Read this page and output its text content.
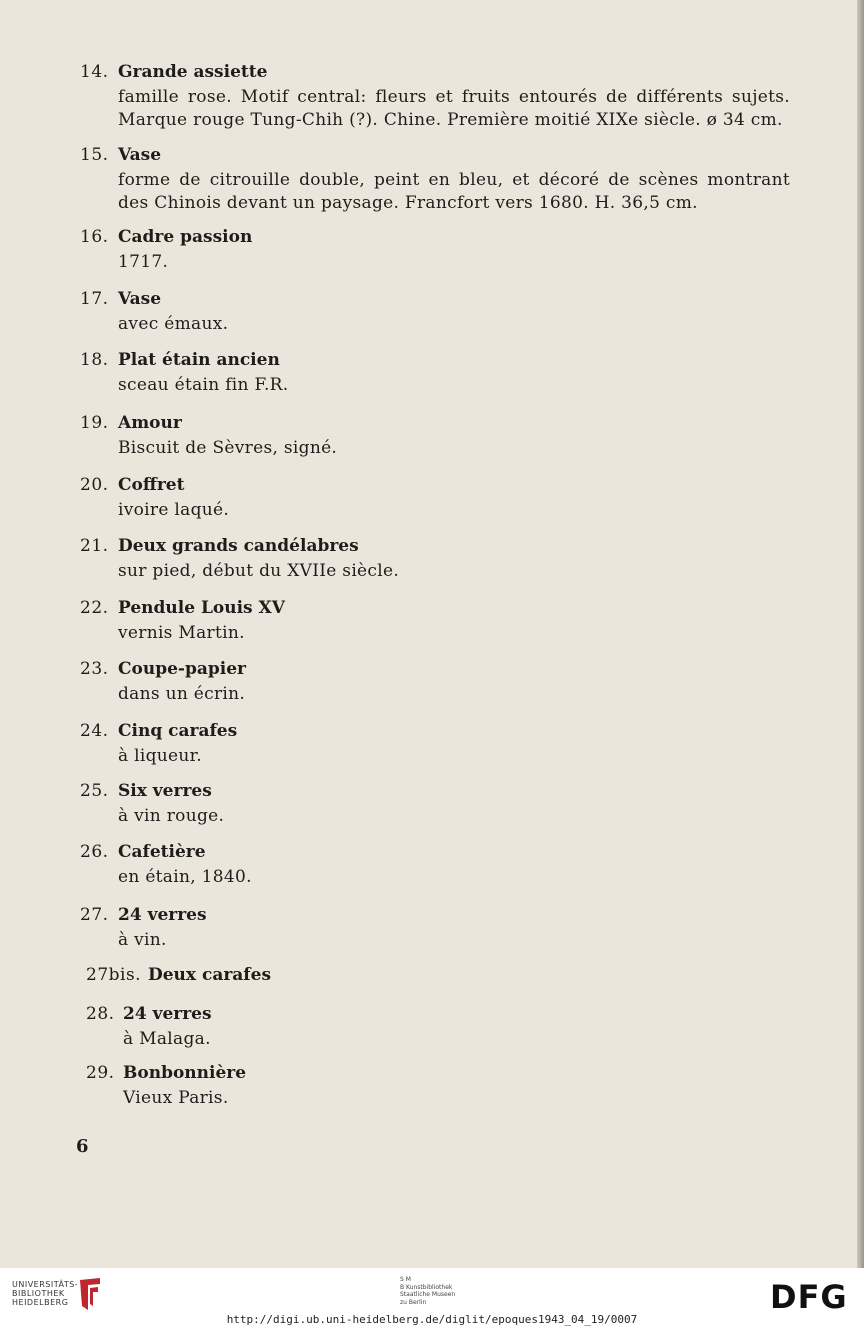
14. Grande assiette
famille rose. Motif central: fleurs et fruits entourés de différents sujets. Marque rouge Tung-Chih (?). Chine. Première moitié XIXe siècle. ø 34 cm.
15. Vase
forme de citrouille double, peint en bleu, et décoré de scènes montrant des Chinois devant un paysage. Francfort vers 1680. H. 36,5 cm.
16. Cadre passion
1717.
17. Vase
avec émaux.
18. Plat étain ancien
sceau étain fin F.R.
19. Amour
Biscuit de Sèvres, signé.
20. Coffret
ivoire laqué.
21. Deux grands candélabres
sur pied, début du XVIIe siècle.
22. Pendule Louis XV
vernis Martin.
23. Coupe-papier
dans un écrin.
24. Cinq carafes
à liqueur.
25. Six verres
à vin rouge.
26. Cafetière
en étain, 1840.
27. 24 verres
à vin.
27bis. Deux carafes
28. 24 verres
à Malaga.
29. Bonbonnière
Vieux Paris.
6
UNIVERSITÄTS-
BIBLIOTHEK
HEIDELBERG
S M
B Kunstbibliothek
Staatliche Museen
zu Berlin	DFG
http://digi.ub.uni-heidelberg.de/diglit/epoques1943_04_19/0007
